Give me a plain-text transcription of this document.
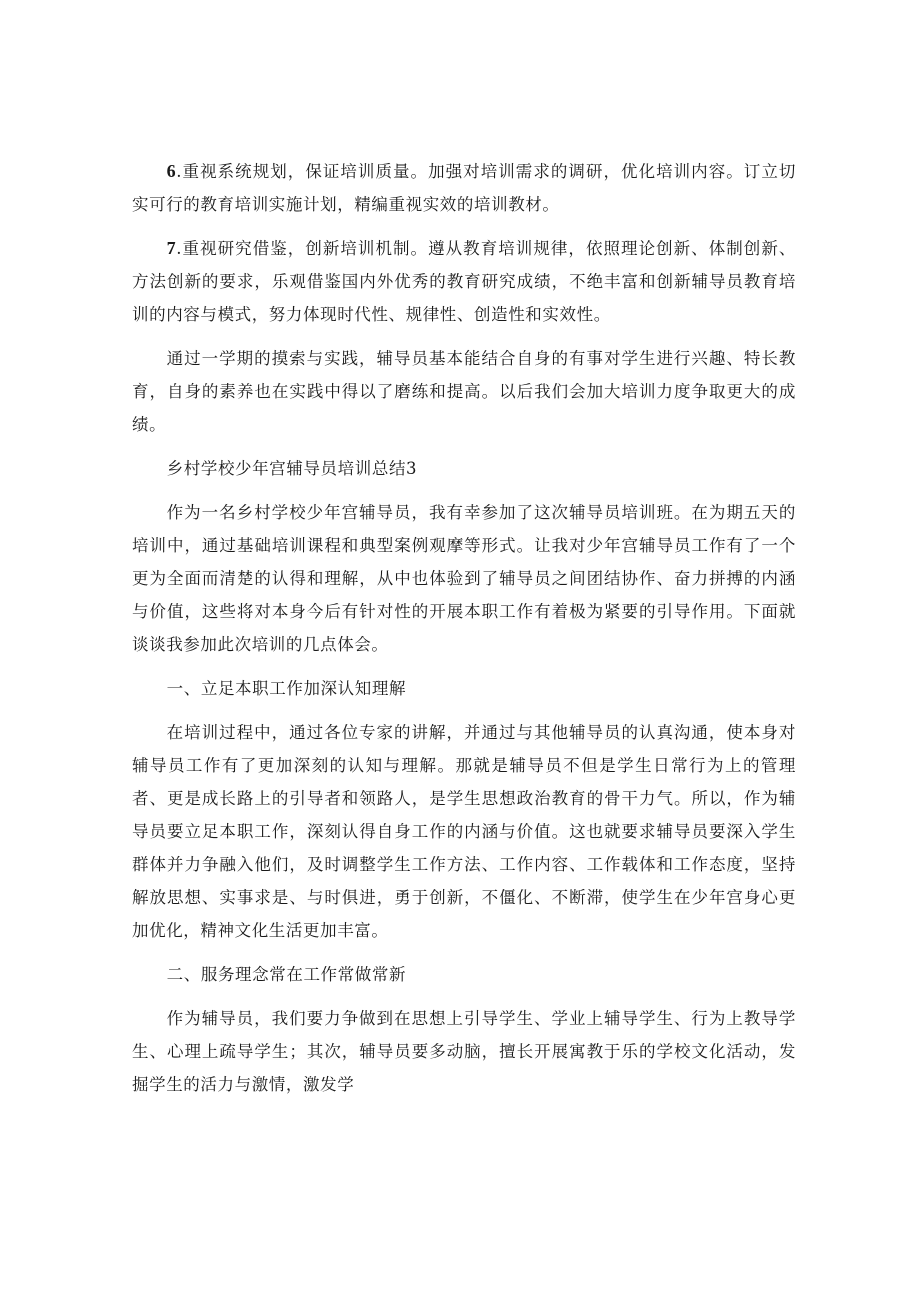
6.重视系统规划，保证培训质量。加强对培训需求的调研，优化培训内容。订立切实可行的教育培训实施计划，精编重视实效的培训教材。

7.重视研究借鉴，创新培训机制。遵从教育培训规律，依照理论创新、体制创新、方法创新的要求，乐观借鉴国内外优秀的教育研究成绩，不绝丰富和创新辅导员教育培训的内容与模式，努力体现时代性、规律性、创造性和实效性。

通过一学期的摸索与实践，辅导员基本能结合自身的有事对学生进行兴趣、特长教育，自身的素养也在实践中得以了磨练和提高。以后我们会加大培训力度争取更大的成绩。

乡村学校少年宫辅导员培训总结3

作为一名乡村学校少年宫辅导员，我有幸参加了这次辅导员培训班。在为期五天的培训中，通过基础培训课程和典型案例观摩等形式。让我对少年宫辅导员工作有了一个更为全面而清楚的认得和理解，从中也体验到了辅导员之间团结协作、奋力拼搏的内涵与价值，这些将对本身今后有针对性的开展本职工作有着极为紧要的引导作用。下面就谈谈我参加此次培训的几点体会。

一、立足本职工作加深认知理解

在培训过程中，通过各位专家的讲解，并通过与其他辅导员的认真沟通，使本身对辅导员工作有了更加深刻的认知与理解。那就是辅导员不但是学生日常行为上的管理者、更是成长路上的引导者和领路人，是学生思想政治教育的骨干力气。所以，作为辅导员要立足本职工作，深刻认得自身工作的内涵与价值。这也就要求辅导员要深入学生群体并力争融入他们，及时调整学生工作方法、工作内容、工作载体和工作态度，坚持解放思想、实事求是、与时俱进，勇于创新，不僵化、不断滞，使学生在少年宫身心更加优化，精神文化生活更加丰富。

二、服务理念常在工作常做常新

作为辅导员，我们要力争做到在思想上引导学生、学业上辅导学生、行为上教导学生、心理上疏导学生；其次，辅导员要多动脑，擅长开展寓教于乐的学校文化活动，发掘学生的活力与激情，激发学
